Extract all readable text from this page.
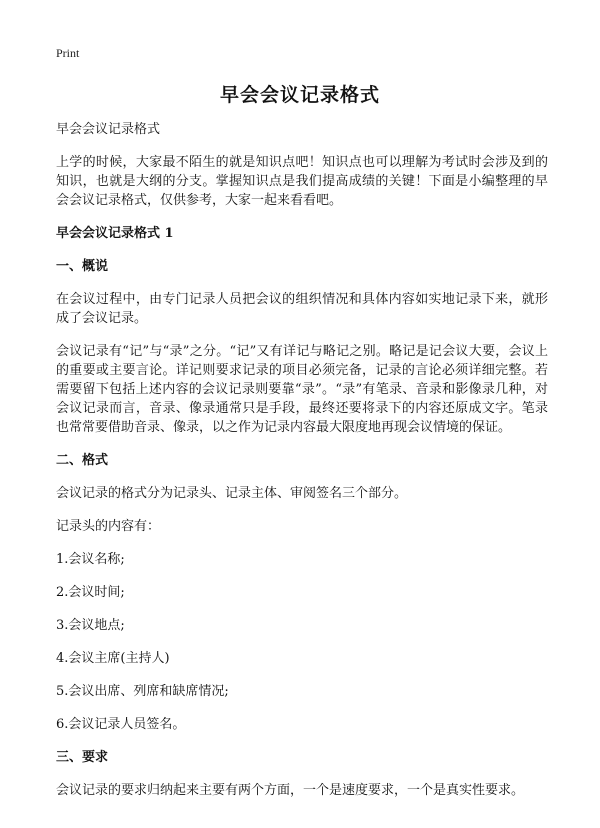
Print
早会会议记录格式

早会会议记录格式

上学的时候，大家最不陌生的就是知识点吧！知识点也可以理解为考试时会涉及到的知识，也就是大纲的分支。掌握知识点是我们提高成绩的关键！下面是小编整理的早会会议记录格式，仅供参考，大家一起来看看吧。

早会会议记录格式 1

一、概说

在会议过程中，由专门记录人员把会议的组织情况和具体内容如实地记录下来，就形成了会议记录。

会议记录有“记”与“录”之分。“记”又有详记与略记之别。略记是记会议大要，会议上的重要或主要言论。详记则要求记录的项目必须完备，记录的言论必须详细完整。若需要留下包括上述内容的会议记录则要靠“录”。“录”有笔录、音录和影像录几种，对会议记录而言，音录、像录通常只是手段，最终还要将录下的内容还原成文字。笔录也常常要借助音录、像录，以之作为记录内容最大限度地再现会议情境的保证。

二、格式

会议记录的格式分为记录头、记录主体、审阅签名三个部分。

记录头的内容有：

1.会议名称;

2.会议时间;

3.会议地点;

4.会议主席(主持人)

5.会议出席、列席和缺席情况;

6.会议记录人员签名。

三、要求

会议记录的要求归纳起来主要有两个方面，一个是速度要求，一个是真实性要求。
